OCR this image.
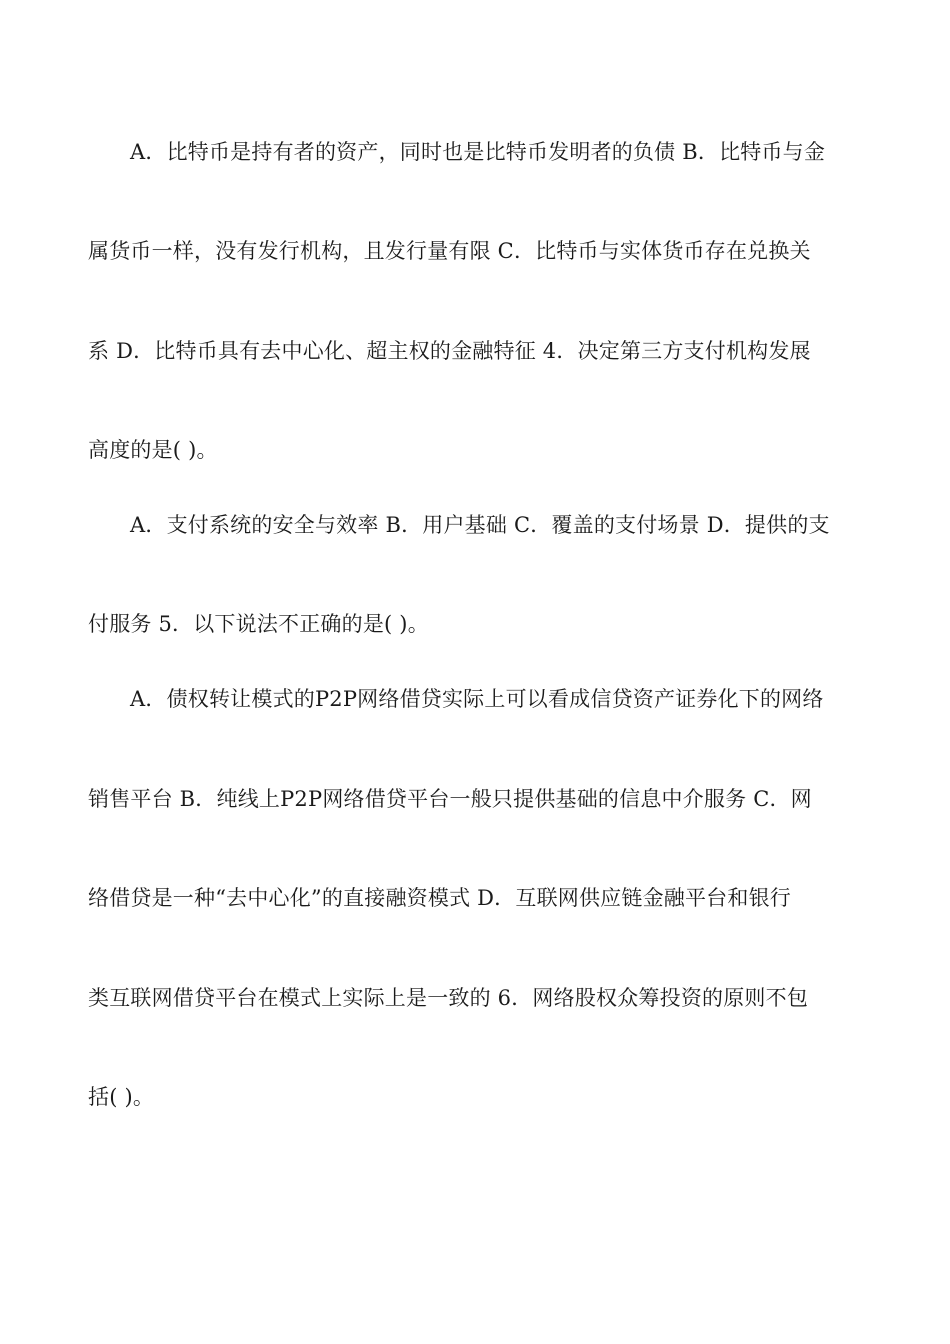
A．比特币是持有者的资产，同时也是比特币发明者的负债 B．比特币与金
属货币一样，没有发行机构，且发行量有限 C．比特币与实体货币存在兑换关
系 D．比特币具有去中心化、超主权的金融特征 4．决定第三方支付机构发展
高度的是( )。
A．支付系统的安全与效率 B．用户基础 C．覆盖的支付场景 D．提供的支
付服务 5．以下说法不正确的是( )。
A．债权转让模式的P2P网络借贷实际上可以看成信贷资产证券化下的网络
销售平台 B．纯线上P2P网络借贷平台一般只提供基础的信息中介服务 C．网
络借贷是一种“去中心化”的直接融资模式 D．互联网供应链金融平台和银行
类互联网借贷平台在模式上实际上是一致的 6．网络股权众筹投资的原则不包
括( )。
